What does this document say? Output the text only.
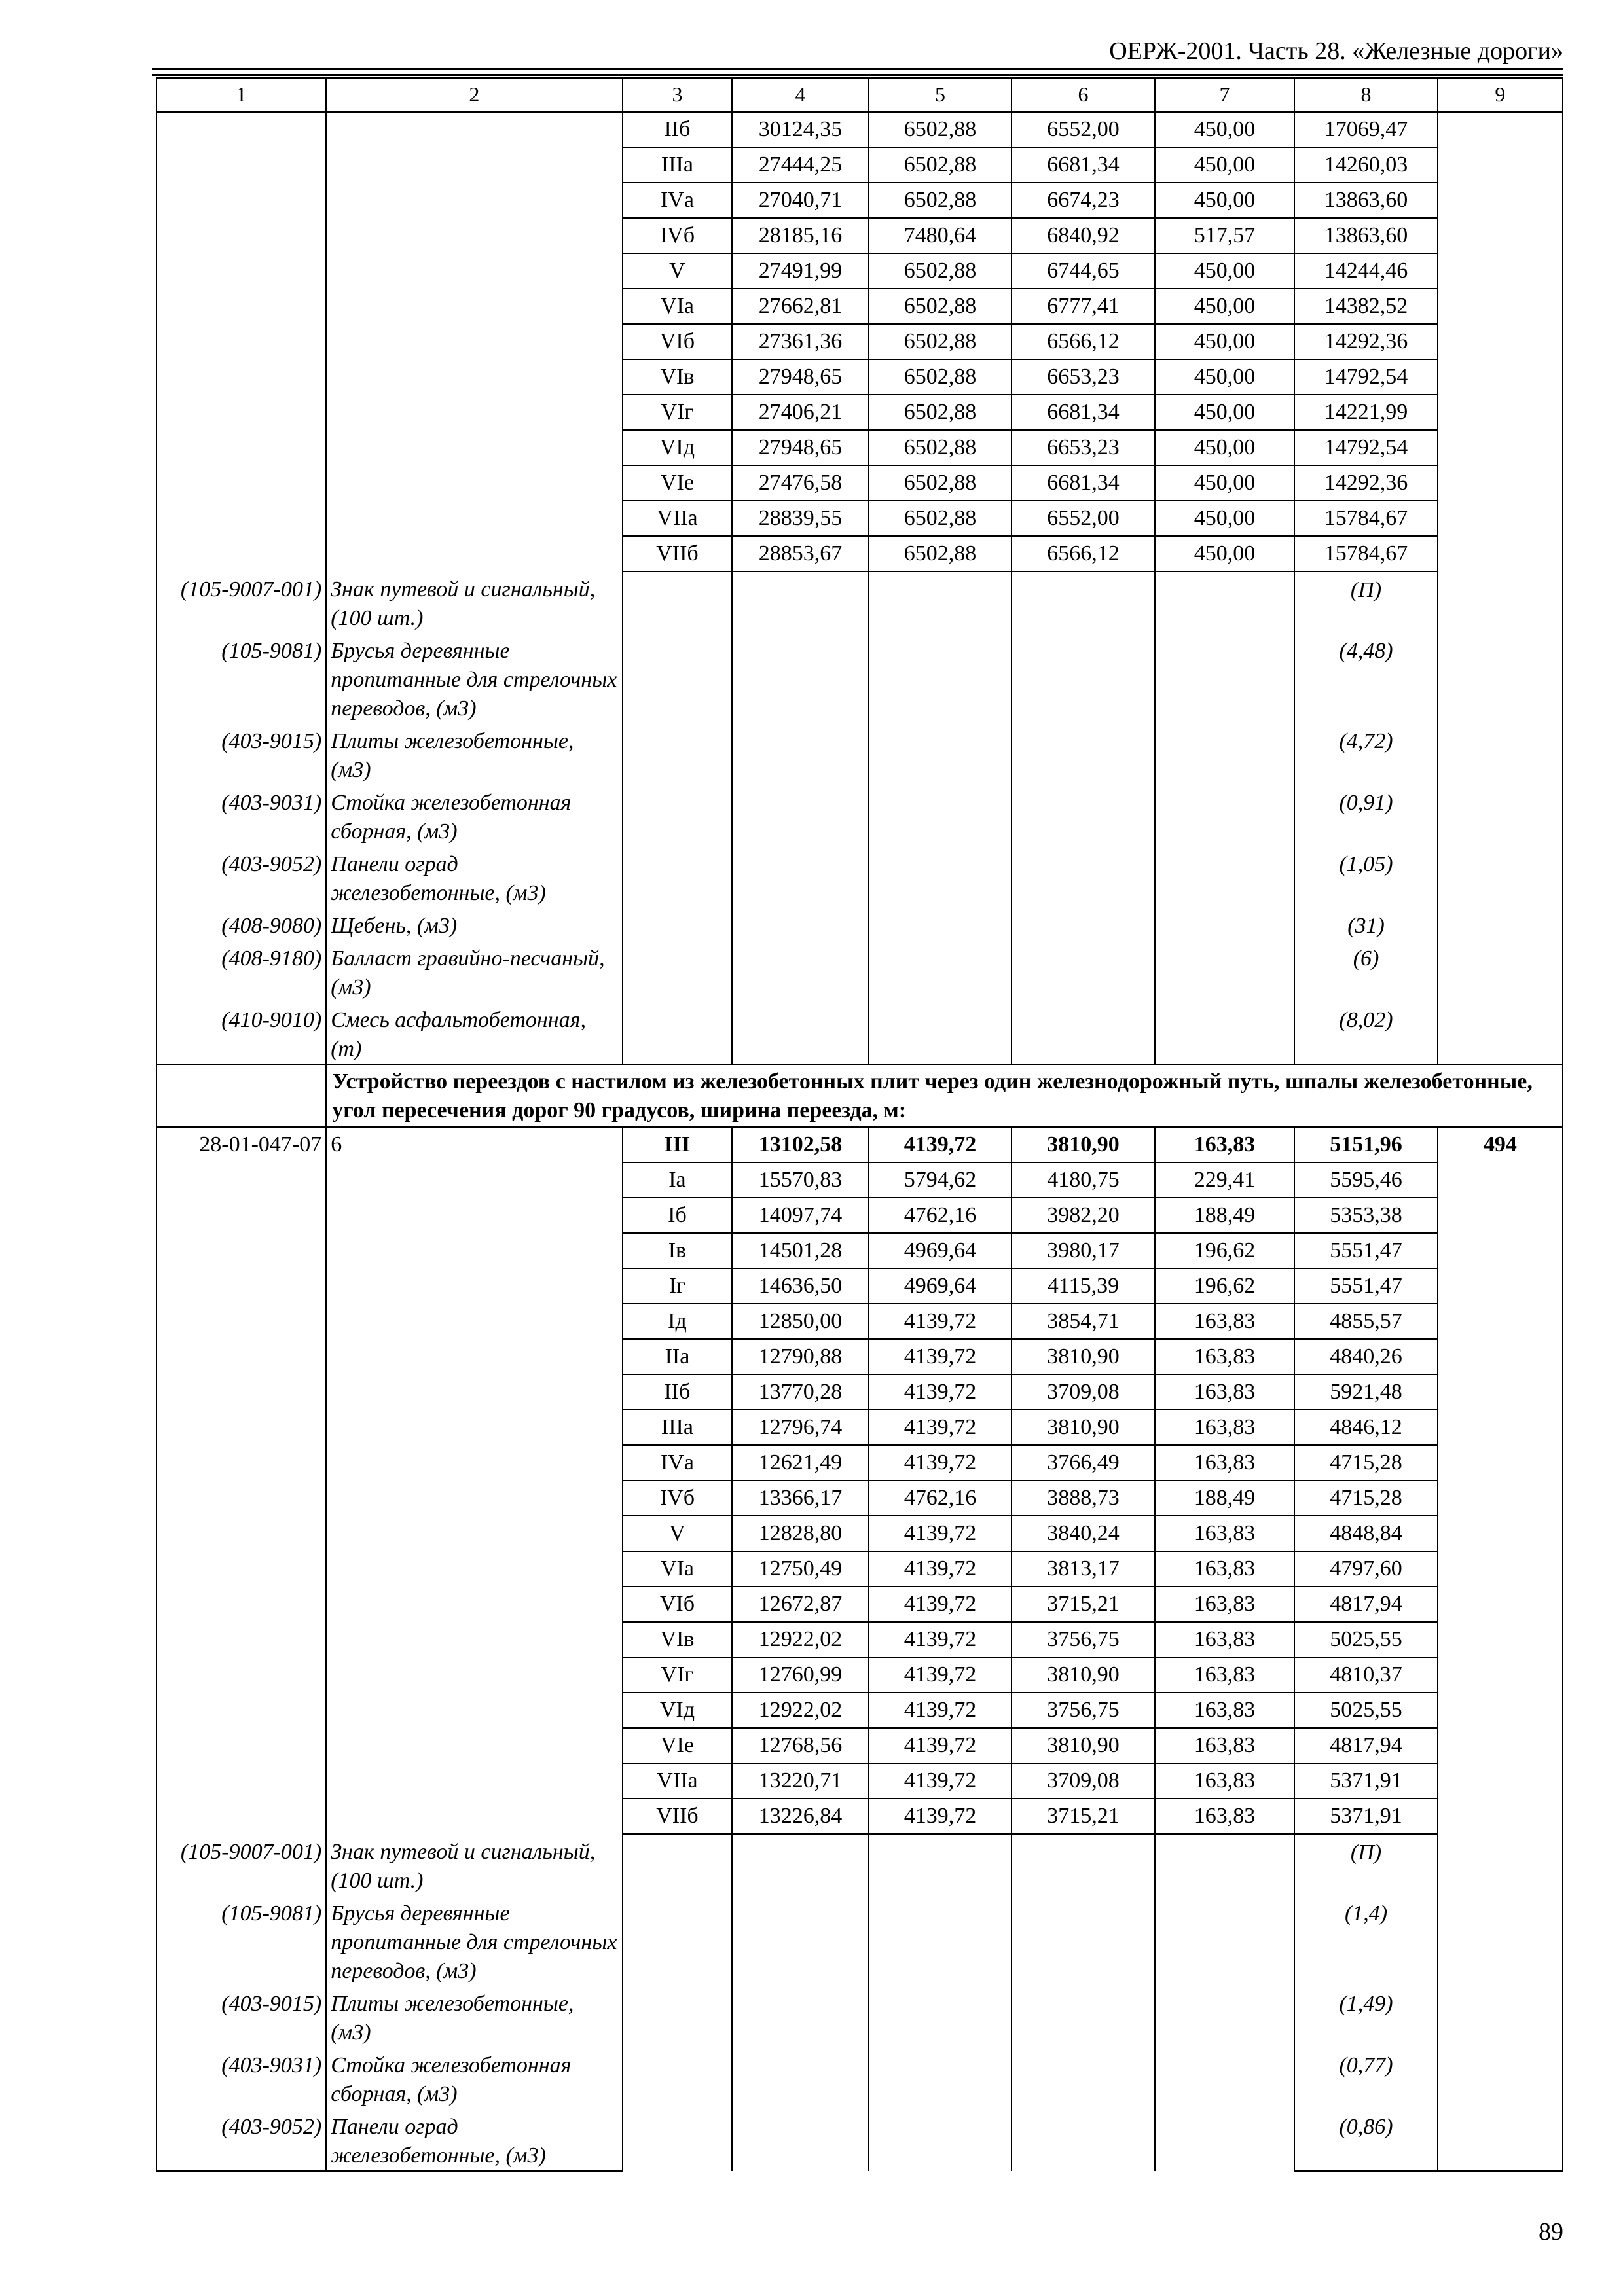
ОЕРЖ-2001. Часть 28. «Железные дороги»
1	2	3	4	5	6	7	8	9
		IIб	30124,35	6502,88	6552,00	450,00	17069,47	
		IIIа	27444,25	6502,88	6681,34	450,00	14260,03	
		IVа	27040,71	6502,88	6674,23	450,00	13863,60	
		IVб	28185,16	7480,64	6840,92	517,57	13863,60	
		V	27491,99	6502,88	6744,65	450,00	14244,46	
		VIа	27662,81	6502,88	6777,41	450,00	14382,52	
		VIб	27361,36	6502,88	6566,12	450,00	14292,36	
		VIв	27948,65	6502,88	6653,23	450,00	14792,54	
		VIг	27406,21	6502,88	6681,34	450,00	14221,99	
		VIд	27948,65	6502,88	6653,23	450,00	14792,54	
		VIе	27476,58	6502,88	6681,34	450,00	14292,36	
		VIIа	28839,55	6502,88	6552,00	450,00	15784,67	
		VIIб	28853,67	6502,88	6566,12	450,00	15784,67	
(105-9007-001)	Знак путевой и сигнальный, (100 шт.)						(П)	
(105-9081)	Брусья деревянные пропитанные для стрелочных переводов, (м3)						(4,48)	
(403-9015)	Плиты железобетонные, (м3)						(4,72)	
(403-9031)	Стойка железобетонная сборная, (м3)						(0,91)	
(403-9052)	Панели оград железобетонные, (м3)						(1,05)	
(408-9080)	Щебень, (м3)						(31)	
(408-9180)	Балласт гравийно-песчаный, (м3)						(6)	
(410-9010)	Смесь асфальтобетонная, (т)						(8,02)	
	Устройство переездов с настилом из железобетонных плит через один железнодорожный путь, шпалы железобетонные, угол пересечения дорог 90 градусов, ширина переезда, м:							
28-01-047-07	6	III	13102,58	4139,72	3810,90	163,83	5151,96	494
		Iа	15570,83	5794,62	4180,75	229,41	5595,46	
		Iб	14097,74	4762,16	3982,20	188,49	5353,38	
		Iв	14501,28	4969,64	3980,17	196,62	5551,47	
		Iг	14636,50	4969,64	4115,39	196,62	5551,47	
		Iд	12850,00	4139,72	3854,71	163,83	4855,57	
		IIа	12790,88	4139,72	3810,90	163,83	4840,26	
		IIб	13770,28	4139,72	3709,08	163,83	5921,48	
		IIIа	12796,74	4139,72	3810,90	163,83	4846,12	
		IVа	12621,49	4139,72	3766,49	163,83	4715,28	
		IVб	13366,17	4762,16	3888,73	188,49	4715,28	
		V	12828,80	4139,72	3840,24	163,83	4848,84	
		VIа	12750,49	4139,72	3813,17	163,83	4797,60	
		VIб	12672,87	4139,72	3715,21	163,83	4817,94	
		VIв	12922,02	4139,72	3756,75	163,83	5025,55	
		VIг	12760,99	4139,72	3810,90	163,83	4810,37	
		VIд	12922,02	4139,72	3756,75	163,83	5025,55	
		VIе	12768,56	4139,72	3810,90	163,83	4817,94	
		VIIа	13220,71	4139,72	3709,08	163,83	5371,91	
		VIIб	13226,84	4139,72	3715,21	163,83	5371,91	
(105-9007-001)	Знак путевой и сигнальный, (100 шт.)						(П)	
(105-9081)	Брусья деревянные пропитанные для стрелочных переводов, (м3)						(1,4)	
(403-9015)	Плиты железобетонные, (м3)						(1,49)	
(403-9031)	Стойка железобетонная сборная, (м3)						(0,77)	
(403-9052)	Панели оград железобетонные, (м3)						(0,86)	
89
